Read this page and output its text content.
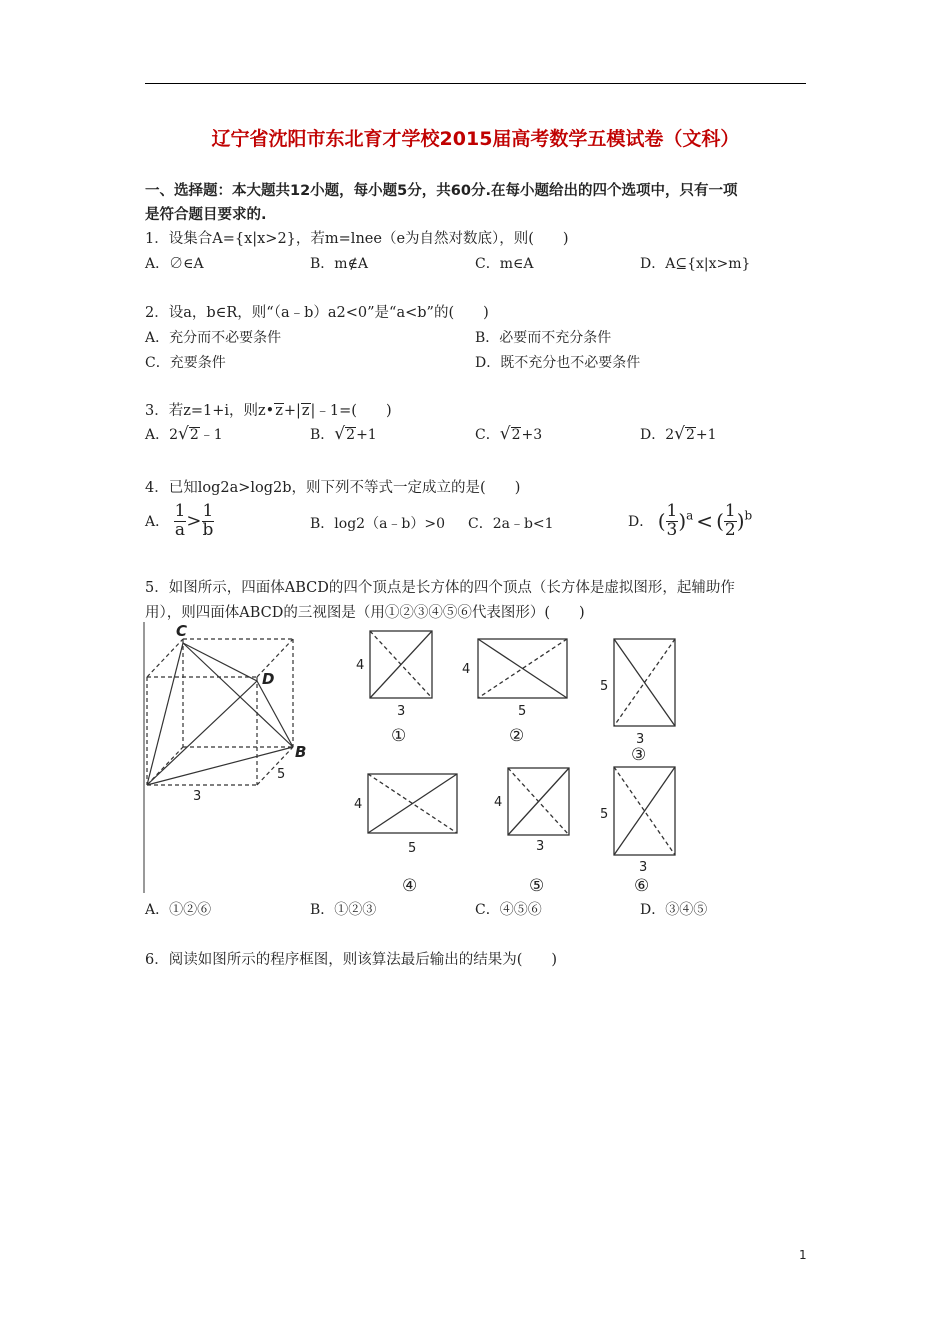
辽宁省沈阳市东北育才学校2015届高考数学五模试卷（文科）
一、选择题：本大题共12小题，每小题5分，共60分.在每小题给出的四个选项中，只有一项
是符合题目要求的.
1．设集合A={x|x>2}，若m=lnee（e为自然对数底），则(　　)
A．∅∈A	B．m∉A	C．m∈A	D．A⊆{x|x>m}
2．设a，b∈R，则“（a﹣b）a2<0”是“a<b”的(　　)
A．充分而不必要条件	B．必要而不充分条件
C．充要条件	D．既不充分也不必要条件
3．若z=1+i，则z•z+|z|﹣1=(　　)
A．2√2﹣1	B．√2+1	C．√2+3	D．2√2+1
4．已知log2a>log2b，则下列不等式一定成立的是(　　)
A． $\frac{1}{a} > \frac{1}{b}$	B．log2（a﹣b）>0 C．2a﹣b<1	D． ( $\frac{1}{3} )^a$ < ( $\frac{1}{2} )^b$
5．如图所示，四面体ABCD的四个顶点是长方体的四个顶点（长方体是虚拟图形，起辅助作
用），则四面体ABCD的三视图是（用①②③④⑤⑥代表图形）(　　)
C
D
B
5
3
4
3
①
4
5
②
5
3
③
4
5
④
4
3
⑤
5
3
⑥
A．①②⑥	B．①②③	C．④⑤⑥	D．③④⑤
6．阅读如图所示的程序框图，则该算法最后输出的结果为(　　)
1
